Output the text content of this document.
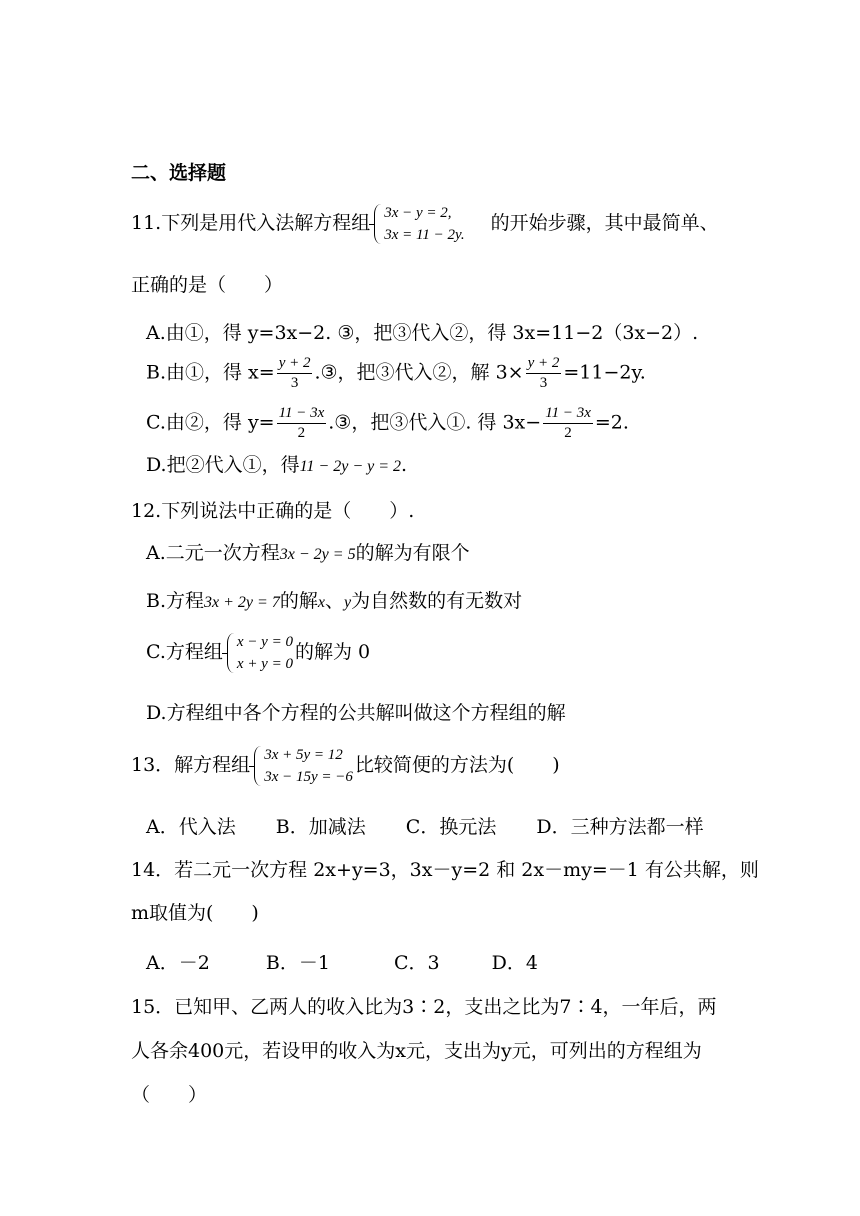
二、选择题
11.下列是用代入法解方程组 3x − y = 2,
3x = 11 − 2y.
的开始步骤，其中最简单、
正确的是（　　）
A.由①，得 y=3x−2. ③，把③代入②，得 3x=11−2（3x−2）.
B.由①，得 $x= \frac{y + 2}{3}$ .③，把③代入②，解 $3\times \frac{y + 2}{3} =11-2y$.
C.由②，得 $y= \frac{11 - 3x}{2}$ .③，把③代入①. 得 $3x- \frac{11 - 3x}{2} =2$.
D.把②代入①，得11 − 2y − y = 2.
12.下列说法中正确的是（　　）.
A.二元一次方程3x − 2y = 5的解为有限个
B.方程3x + 2y = 7的解x、y为自然数的有无数对
C.方程组 x − y = 0
x + y = 0
的解为 0
D.方程组中各个方程的公共解叫做这个方程组的解
13．解方程组 3x + 5y = 12
3x − 15y = −6
比较简便的方法为(　　)
A．代入法 B．加减法 C．换元法 D．三种方法都一样
14．若二元一次方程 2x+y=3，3x－y=2 和 2x－my=－1 有公共解，则
m取值为(　　)
A．－2	B．－1	C．3	D．4
15．已知甲、乙两人的收入比为3∶2，支出之比为7∶4，一年后，两
人各余400元，若设甲的收入为x元，支出为y元，可列出的方程组为
（　　）
